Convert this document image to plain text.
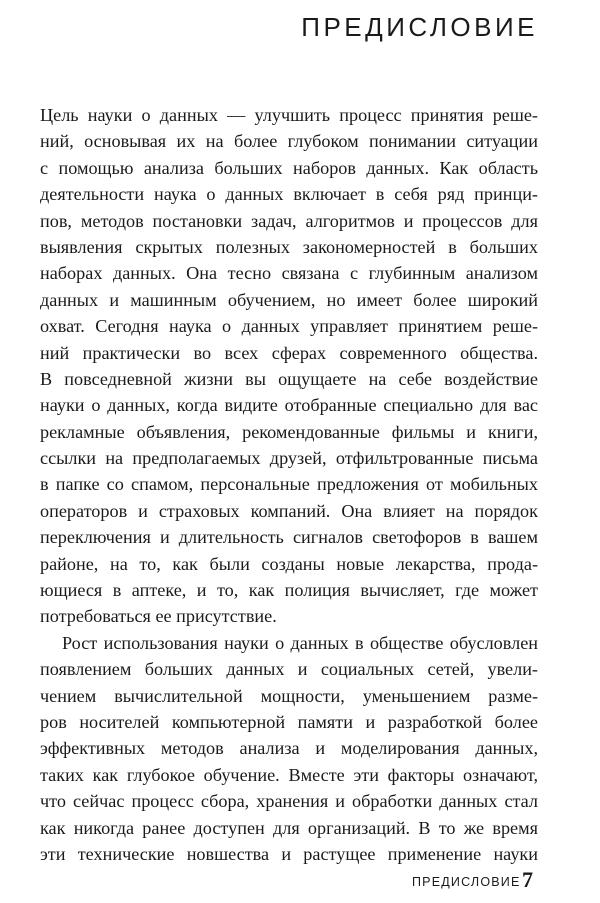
ПРЕДИСЛОВИЕ
Цель науки о данных — улучшить процесс принятия реше-
ний, основывая их на более глубоком понимании ситуации
с помощью анализа больших наборов данных. Как область
деятельности наука о данных включает в себя ряд принци-
пов, методов постановки задач, алгоритмов и процессов для
выявления скрытых полезных закономерностей в больших
наборах данных. Она тесно связана с глубинным анализом
данных и машинным обучением, но имеет более широкий
охват. Сегодня наука о данных управляет принятием реше-
ний практически во всех сферах современного общества.
В повседневной жизни вы ощущаете на себе воздействие
науки о данных, когда видите отобранные специально для вас
рекламные объявления, рекомендованные фильмы и книги,
ссылки на предполагаемых друзей, отфильтрованные письма
в папке со спамом, персональные предложения от мобильных
операторов и страховых компаний. Она влияет на порядок
переключения и длительность сигналов светофоров в вашем
районе, на то, как были созданы новые лекарства, прода-
ющиеся в аптеке, и то, как полиция вычисляет, где может
потребоваться ее присутствие.
Рост использования науки о данных в обществе обусловлен
появлением больших данных и социальных сетей, увели-
чением вычислительной мощности, уменьшением разме-
ров носителей компьютерной памяти и разработкой более
эффективных методов анализа и моделирования данных,
таких как глубокое обучение. Вместе эти факторы означают,
что сейчас процесс сбора, хранения и обработки данных стал
как никогда ранее доступен для организаций. В то же время
эти технические новшества и растущее применение науки
ПРЕДИСЛОВИЕ 7
